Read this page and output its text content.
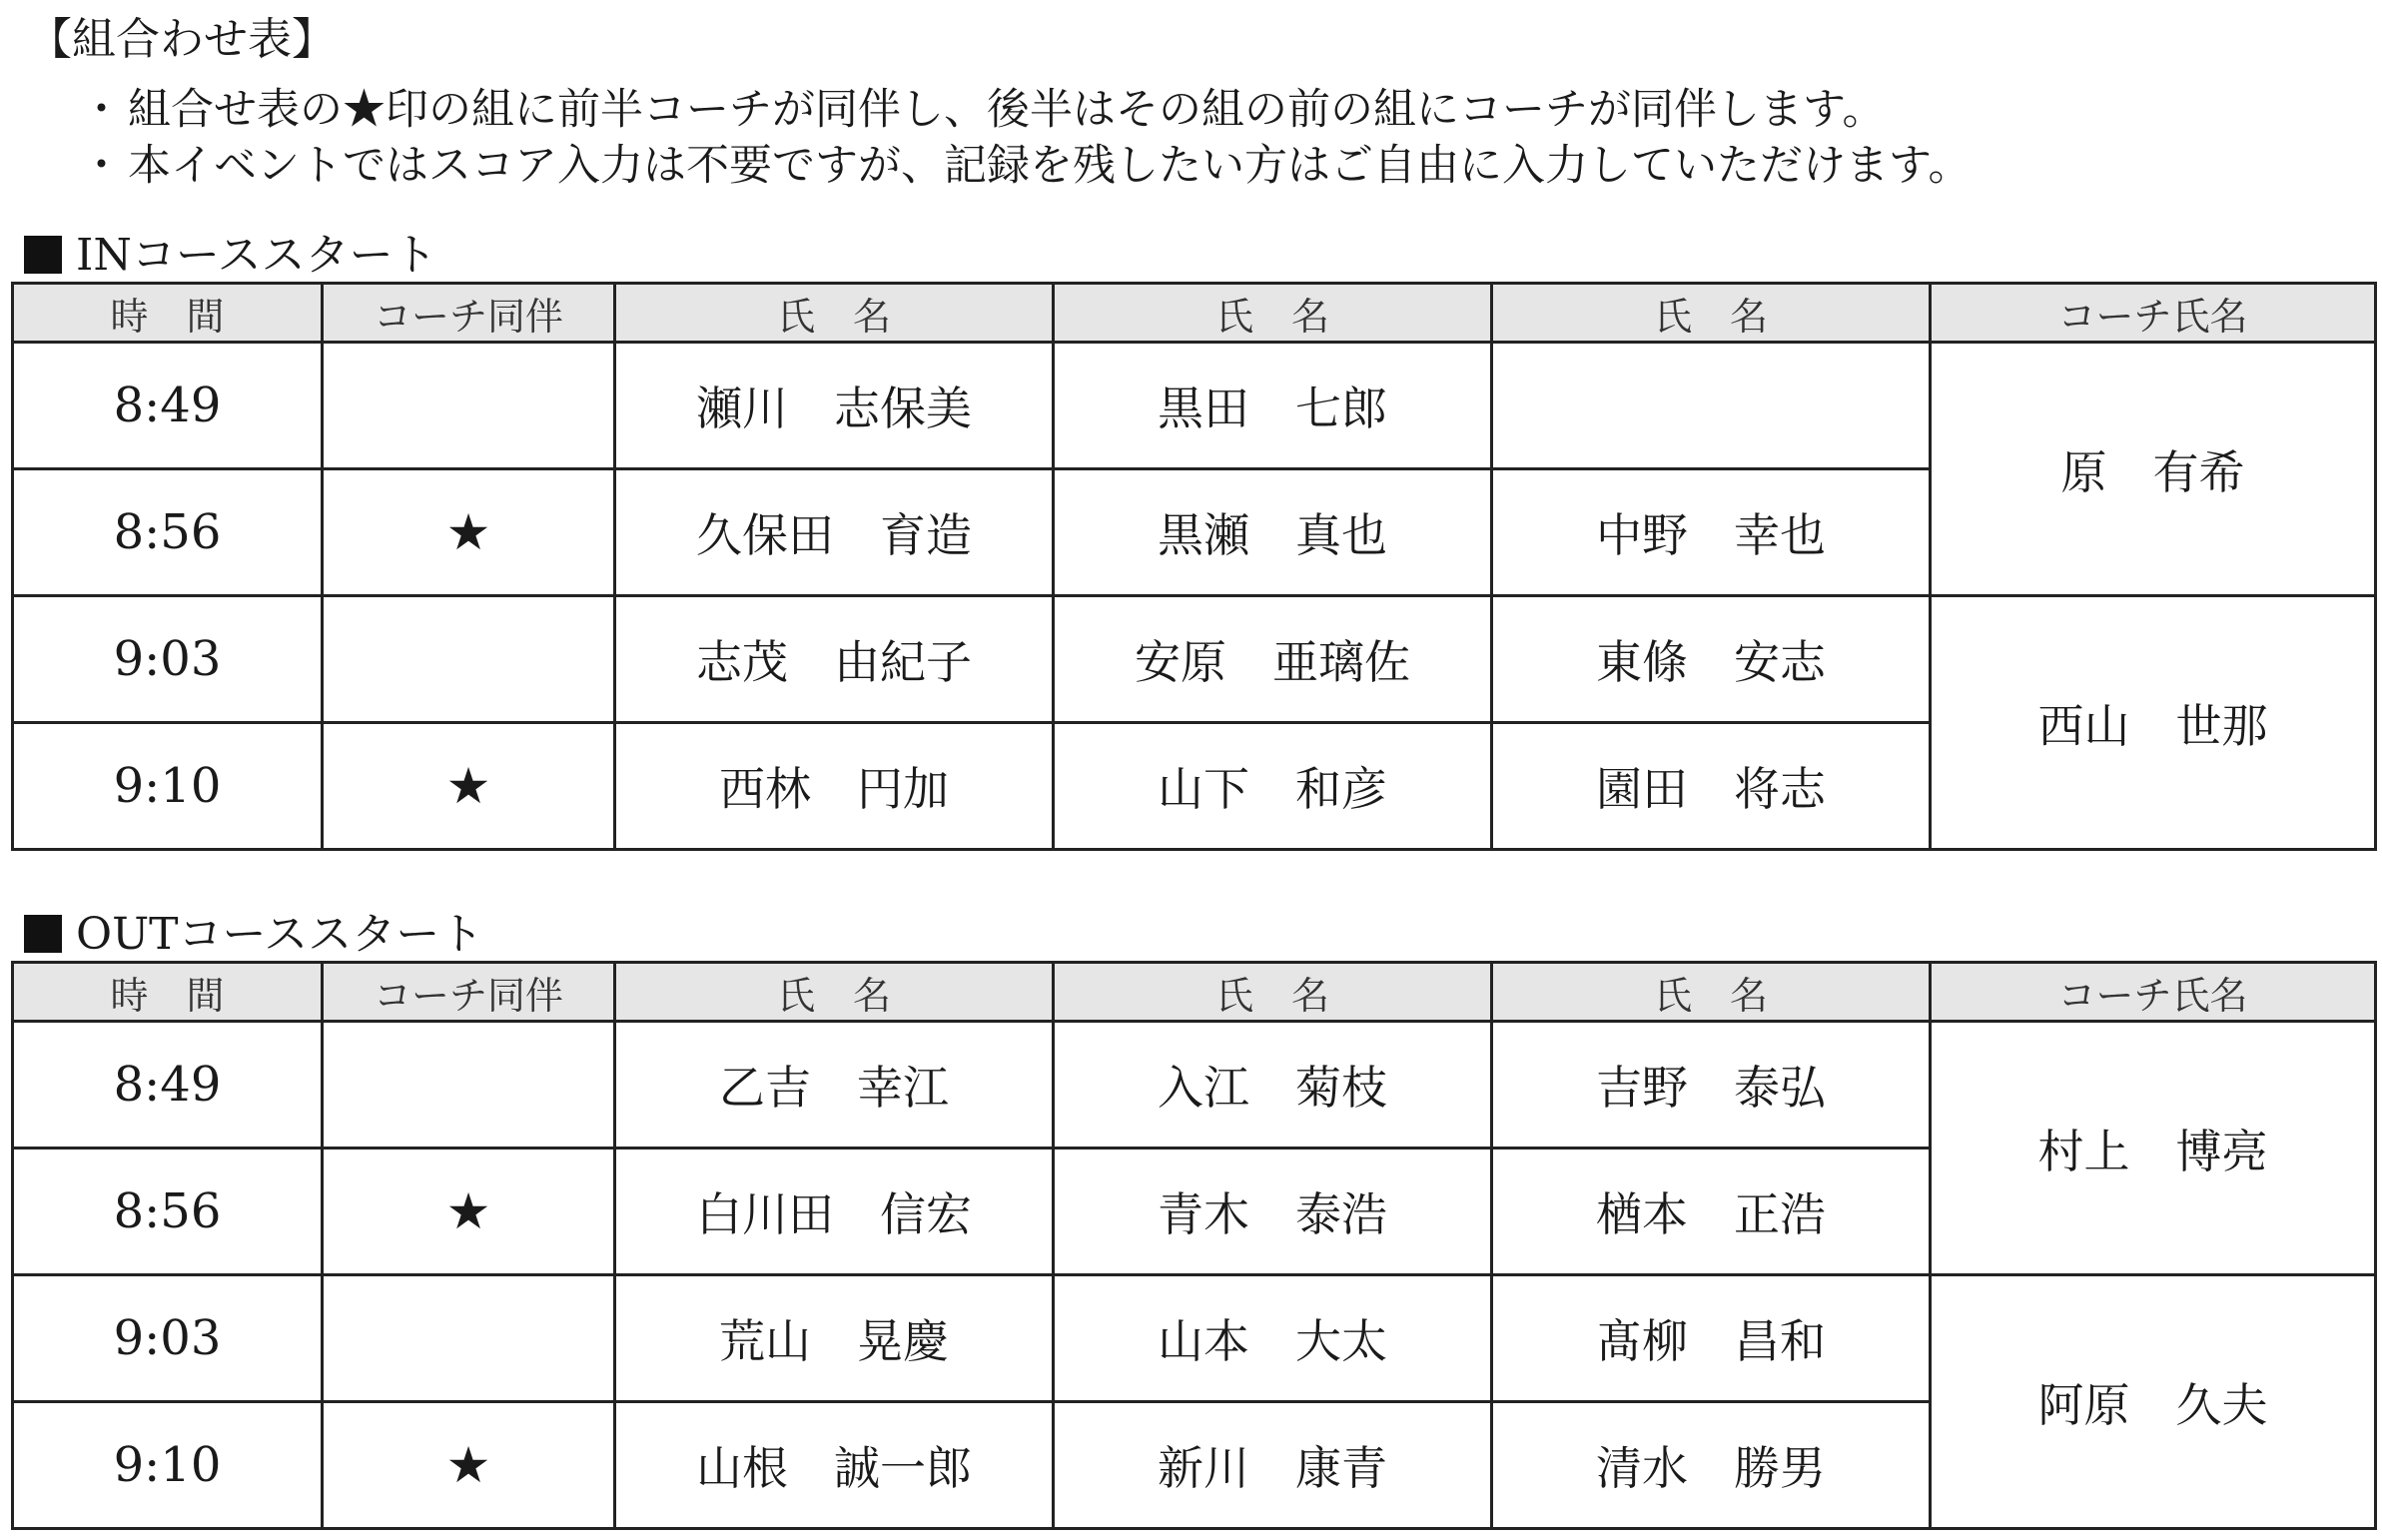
【組合わせ表】
・ 組合せ表の★印の組に前半コーチが同伴し、後半はその組の前の組にコーチが同伴します。
・ 本イベントではスコア入力は不要ですが、記録を残したい方はご自由に入力していただけます。
INコーススタート
時　間	コーチ同伴	氏　名	氏　名	氏　名	コーチ氏名
8:49		瀬川　志保美	黒田　七郎		原　有希
8:56	★	久保田　育造	黒瀬　真也	中野　幸也	
9:03		志茂　由紀子	安原　亜璃佐	東條　安志	西山　世那
9:10	★	西林　円加	山下　和彦	園田　将志	
OUTコーススタート
時　間	コーチ同伴	氏　名	氏　名	氏　名	コーチ氏名
8:49		乙吉　幸江	入江　菊枝	吉野　泰弘	村上　博亮
8:56	★	白川田　信宏	青木　泰浩	楢本　正浩	
9:03		荒山　晃慶	山本　大太	髙柳　昌和	阿原　久夫
9:10	★	山根　誠一郎	新川　康青	清水　勝男	
